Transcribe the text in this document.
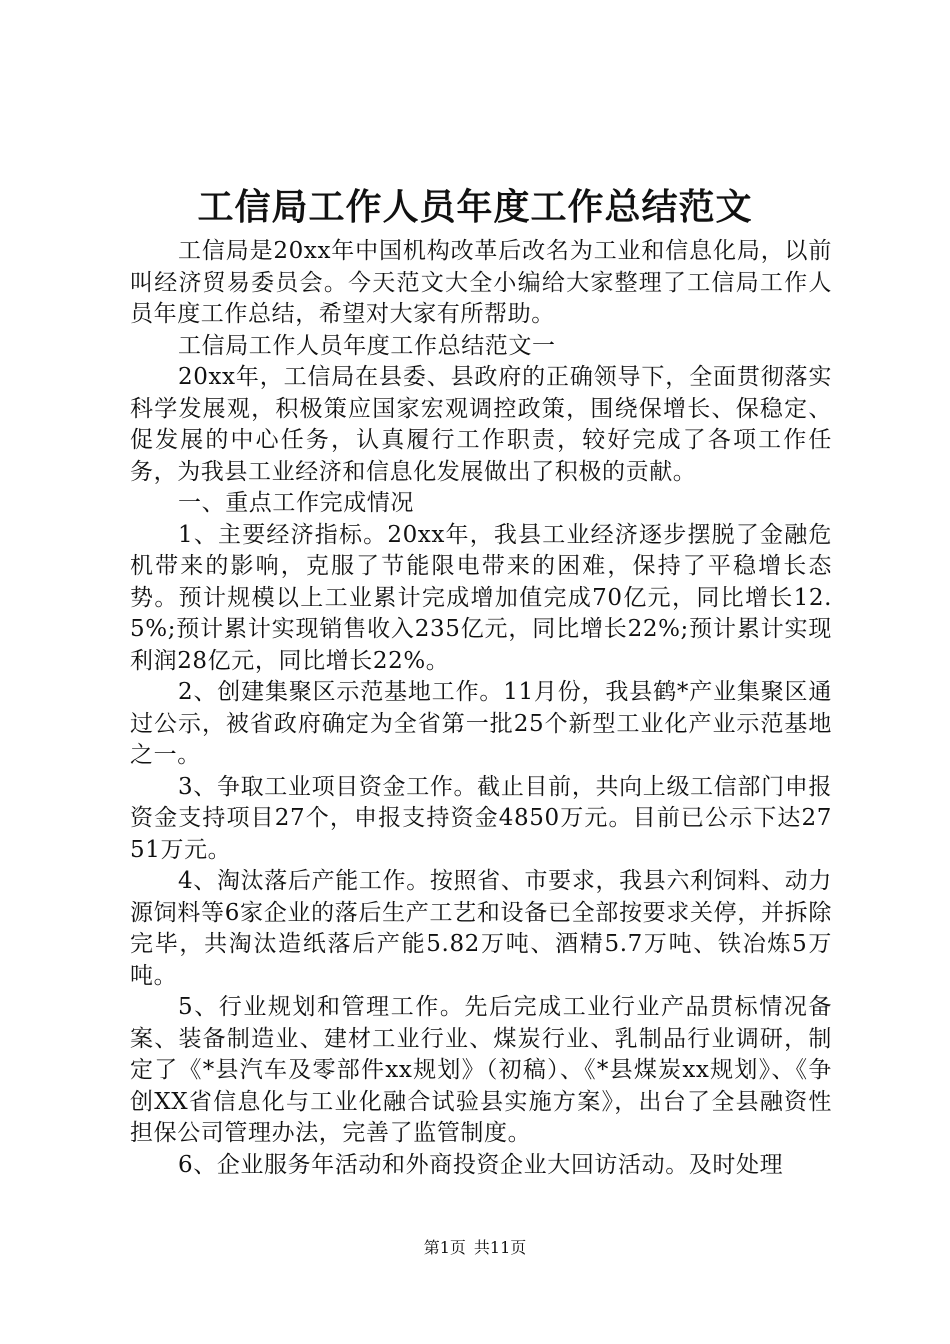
工信局工作人员年度工作总结范文

工信局是20xx年中国机构改革后改名为工业和信息化局，以前叫经济贸易委员会。今天范文大全小编给大家整理了工信局工作人员年度工作总结，希望对大家有所帮助。

工信局工作人员年度工作总结范文一

20xx年，工信局在县委、县政府的正确领导下，全面贯彻落实科学发展观，积极策应国家宏观调控政策，围绕保增长、保稳定、促发展的中心任务，认真履行工作职责，较好完成了各项工作任务，为我县工业经济和信息化发展做出了积极的贡献。

一、重点工作完成情况

1、主要经济指标。20xx年，我县工业经济逐步摆脱了金融危机带来的影响，克服了节能限电带来的困难，保持了平稳增长态势。预计规模以上工业累计完成增加值完成70亿元，同比增长12.5%;预计累计实现销售收入235亿元，同比增长22%;预计累计实现利润28亿元，同比增长22%。

2、创建集聚区示范基地工作。11月份，我县鹤*产业集聚区通过公示，被省政府确定为全省第一批25个新型工业化产业示范基地之一。

3、争取工业项目资金工作。截止目前，共向上级工信部门申报资金支持项目27个，申报支持资金4850万元。目前已公示下达2751万元。

4、淘汰落后产能工作。按照省、市要求，我县六利饲料、动力源饲料等6家企业的落后生产工艺和设备已全部按要求关停，并拆除完毕，共淘汰造纸落后产能5.82万吨、酒精5.7万吨、铁冶炼5万吨。

5、行业规划和管理工作。先后完成工业行业产品贯标情况备案、装备制造业、建材工业行业、煤炭行业、乳制品行业调研，制定了《*县汽车及零部件xx规划》（初稿）、《*县煤炭xx规划》、《争创XX省信息化与工业化融合试验县实施方案》，出台了全县融资性担保公司管理办法，完善了监管制度。

6、企业服务年活动和外商投资企业大回访活动。及时处理

第1页 共11页
